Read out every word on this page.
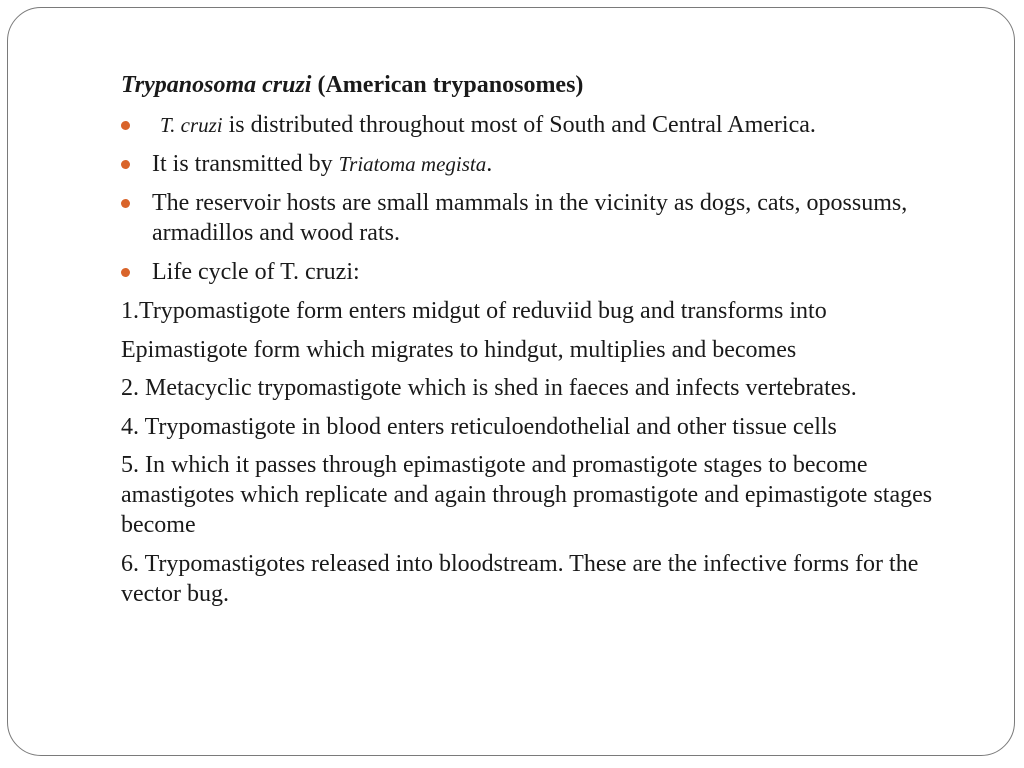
Trypanosoma cruzi (American trypanosomes)
T. cruzi is distributed throughout most of South and Central America.
It is transmitted by Triatoma megista.
The reservoir hosts are small mammals in the vicinity as dogs, cats, opossums, armadillos and wood rats.
Life cycle of T. cruzi:
1.Trypomastigote form enters midgut of reduviid bug and transforms into
Epimastigote form which migrates to hindgut, multiplies and becomes
2. Metacyclic trypomastigote which is shed in faeces and infects vertebrates.
4. Trypomastigote in blood enters reticuloendothelial and other tissue cells
5. In which it passes through epimastigote and promastigote stages to become amastigotes which replicate and again through promastigote and epimastigote stages become
6. Trypomastigotes released into bloodstream. These are the infective forms for the vector bug.
